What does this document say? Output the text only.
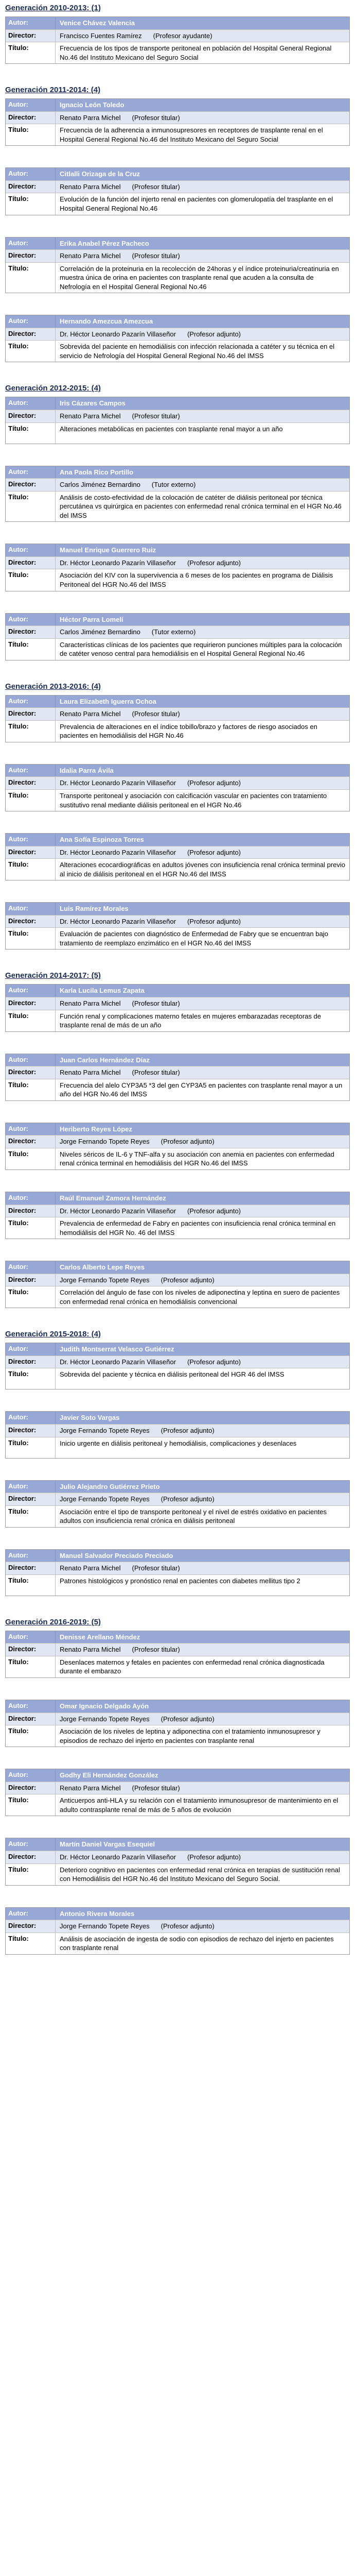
Generación 2010-2013: (1)
Autor:	Venice Chávez Valencia
Director:	Francisco Fuentes Ramírez (Profesor ayudante)
Título:	Frecuencia de los tipos de transporte peritoneal en población del Hospital General Regional No.46 del Instituto Mexicano del Seguro Social
Generación 2011-2014: (4)
Autor:	Ignacio León Toledo
Director:	Renato Parra Michel (Profesor titular)
Título:	Frecuencia de la adherencia a inmunosupresores en receptores de trasplante renal en el Hospital General Regional No.46 del Instituto Mexicano del Seguro Social
Autor:	Citlalli Orizaga de la Cruz
Director:	Renato Parra Michel (Profesor titular)
Título:	Evolución de la función del injerto renal en pacientes con glomerulopatía del trasplante en el Hospital General Regional No.46
Autor:	Erika Anabel Pérez Pacheco
Director:	Renato Parra Michel (Profesor titular)
Título:	Correlación de la proteinuria en la recolección de 24horas y el índice proteinuria/creatinuria en muestra única de orina en pacientes con trasplante renal que acuden a la consulta de Nefrología en el Hospital General Regional No.46
Autor:	Hernando Amezcua Amezcua
Director:	Dr. Héctor Leonardo Pazarín Villaseñor (Profesor adjunto)
Título:	Sobrevida del paciente en hemodiálisis con infección relacionada a catéter y su técnica en el servicio de Nefrología del Hospital General Regional No.46 del IMSS
Generación 2012-2015: (4)
Autor:	Iris Cázares Campos
Director:	Renato Parra Michel (Profesor titular)
Título:	Alteraciones metabólicas en pacientes con trasplante renal mayor a un año
Autor:	Ana Paola Rico Portillo
Director:	Carlos Jiménez Bernardino (Tutor externo)
Título:	Análisis de costo-efectividad de la colocación de catéter de diálisis peritoneal por técnica percutánea vs quirúrgica en pacientes con enfermedad renal crónica terminal en el HGR No.46 del IMSS
Autor:	Manuel Enrique Guerrero Ruiz
Director:	Dr. Héctor Leonardo Pazarín Villaseñor (Profesor adjunto)
Título:	Asociación del KIV con la supervivencia a 6 meses de los pacientes en programa de Diálisis Peritoneal del HGR No.46 del IMSS
Autor:	Héctor Parra Lomelí
Director:	Carlos Jiménez Bernardino (Tutor externo)
Título:	Características clínicas de los pacientes que requirieron punciones múltiples para la colocación de catéter venoso central para hemodiálisis en el Hospital General Regional No.46
Generación 2013-2016: (4)
Autor:	Laura Elizabeth Iguerra Ochoa
Director:	Renato Parra Michel (Profesor titular)
Título:	Prevalencia de alteraciones en el índice tobillo/brazo y factores de riesgo asociados en pacientes en hemodiálisis del HGR No.46
Autor:	Idalia Parra Ávila
Director:	Dr. Héctor Leonardo Pazarín Villaseñor (Profesor adjunto)
Título:	Transporte peritoneal y asociación con calcificación vascular en pacientes con tratamiento sustitutivo renal mediante diálisis peritoneal en el HGR No.46
Autor:	Ana Sofía Espinoza Torres
Director:	Dr. Héctor Leonardo Pazarín Villaseñor (Profesor adjunto)
Título:	Alteraciones ecocardiográficas en adultos jóvenes con insuficiencia renal crónica terminal previo al inicio de diálisis peritoneal en el HGR No.46 del IMSS
Autor:	Luis Ramírez Morales
Director:	Dr. Héctor Leonardo Pazarín Villaseñor (Profesor adjunto)
Título:	Evaluación de pacientes con diagnóstico de Enfermedad de Fabry que se encuentran bajo tratamiento de reemplazo enzimático en el HGR No.46 del IMSS
Generación 2014-2017: (5)
Autor:	Karla Lucila Lemus Zapata
Director:	Renato Parra Michel (Profesor titular)
Título:	Función renal y complicaciones materno fetales en mujeres embarazadas receptoras de trasplante renal de más de un año
Autor:	Juan Carlos Hernández Díaz
Director:	Renato Parra Michel (Profesor titular)
Título:	Frecuencia del alelo CYP3A5 *3 del gen CYP3A5 en pacientes con trasplante renal mayor a un año del HGR No.46 del IMSS
Autor:	Heriberto Reyes López
Director:	Jorge Fernando Topete Reyes (Profesor adjunto)
Título:	Niveles séricos de IL-6 y TNF-alfa y su asociación con anemia en pacientes con enfermedad renal crónica terminal en hemodiálisis del HGR No.46 del IMSS
Autor:	Raúl Emanuel Zamora Hernández
Director:	Dr. Héctor Leonardo Pazarín Villaseñor (Profesor adjunto)
Título:	Prevalencia de enfermedad de Fabry en pacientes con insuficiencia renal crónica terminal en hemodiálisis del HGR No. 46 del IMSS
Autor:	Carlos Alberto Lepe Reyes
Director:	Jorge Fernando Topete Reyes (Profesor adjunto)
Título:	Correlación del ángulo de fase con los niveles de adiponectina y leptina en suero de pacientes con enfermedad renal crónica en hemodiálisis convencional
Generación 2015-2018: (4)
Autor:	Judith Montserrat Velasco Gutiérrez
Director:	Dr. Héctor Leonardo Pazarín Villaseñor (Profesor adjunto)
Título:	Sobrevida del paciente y técnica en diálisis peritoneal del HGR 46 del IMSS
Autor:	Javier Soto Vargas
Director:	Jorge Fernando Topete Reyes (Profesor adjunto)
Título:	Inicio urgente en diálisis peritoneal y hemodiálisis, complicaciones y desenlaces
Autor:	Julio Alejandro Gutiérrez Prieto
Director:	Jorge Fernando Topete Reyes (Profesor adjunto)
Título:	Asociación entre el tipo de transporte peritoneal y el nivel de estrés oxidativo en pacientes adultos con insuficiencia renal crónica en diálisis peritoneal
Autor:	Manuel Salvador Preciado Preciado
Director:	Renato Parra Michel (Profesor titular)
Título:	Patrones histológicos y pronóstico renal en pacientes con diabetes mellitus tipo 2
Generación 2016-2019: (5)
Autor:	Denisse Arellano Méndez
Director:	Renato Parra Michel (Profesor titular)
Título:	Desenlaces maternos y fetales en pacientes con enfermedad renal crónica diagnosticada durante el embarazo
Autor:	Omar Ignacio Delgado Ayón
Director:	Jorge Fernando Topete Reyes (Profesor adjunto)
Título:	Asociación de los niveles de leptina y adiponectina con el tratamiento inmunosupresor y episodios de rechazo del injerto en pacientes con trasplante renal
Autor:	Godhy Eli Hernández González
Director:	Renato Parra Michel (Profesor titular)
Título:	Anticuerpos anti-HLA y su relación con el tratamiento inmunosupresor de mantenimiento en el adulto contrasplante renal de más de 5 años de evolución
Autor:	Martín Daniel Vargas Esequiel
Director:	Dr. Héctor Leonardo Pazarín Villaseñor (Profesor adjunto)
Título:	Deterioro cognitivo en pacientes con enfermedad renal crónica en terapias de sustitución renal con Hemodiálisis del HGR No.46 del Instituto Mexicano del Seguro Social.
Autor:	Antonio Rivera Morales
Director:	Jorge Fernando Topete Reyes (Profesor adjunto)
Título:	Análisis de asociación de ingesta de sodio con episodios de rechazo del injerto en pacientes con trasplante renal
